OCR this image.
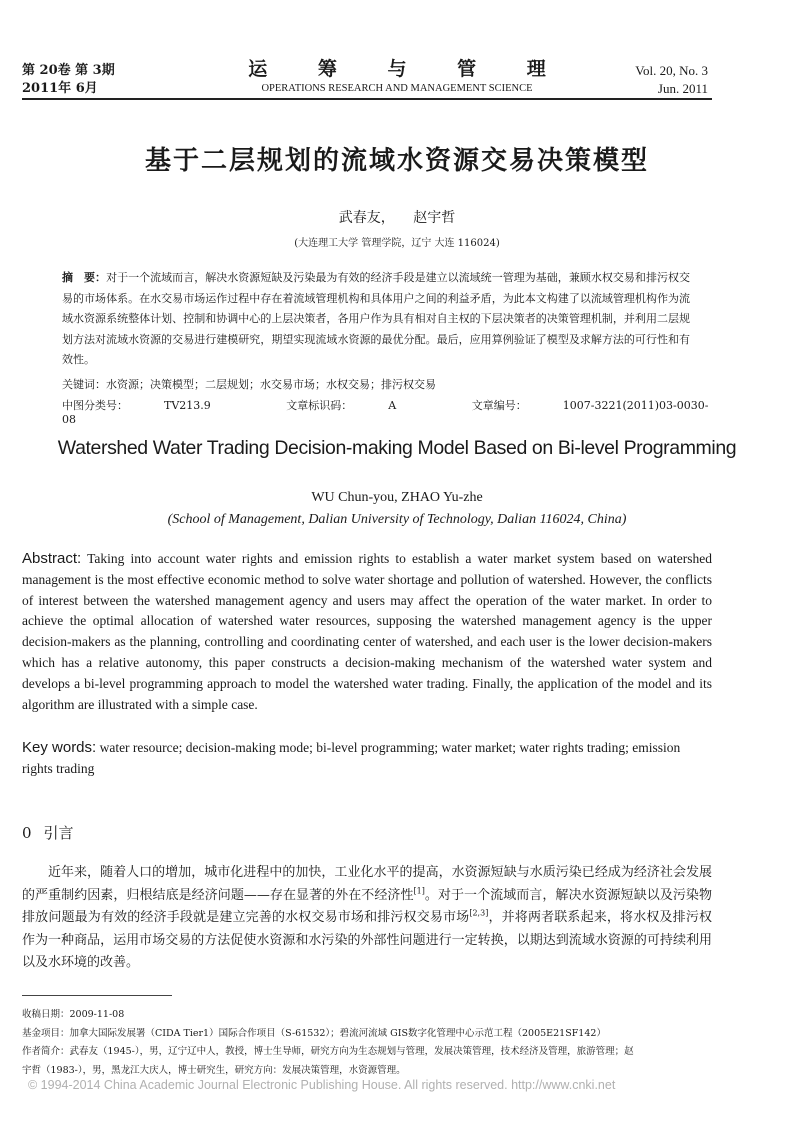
第 20卷 第 3期
2011年 6月
运 筹 与 管 理
OPERATIONS RESEARCH AND MANAGEMENT SCIENCE
Vol. 20, No. 3
Jun. 2011
基于二层规划的流域水资源交易决策模型
武春友， 赵宇哲
(大连理工大学 管理学院，辽宁 大连 116024)
摘　要：对于一个流域而言，解决水资源短缺及污染最为有效的经济手段是建立以流域统一管理为基础，兼顾水权交易和排污权交易的市场体系。在水交易市场运作过程中存在着流域管理机构和具体用户之间的利益矛盾，为此本文构建了以流域管理机构作为流域水资源系统整体计划、控制和协调中心的上层决策者，各用户作为具有相对自主权的下层决策者的决策管理机制，并利用二层规划方法对流域水资源的交易进行建模研究，期望实现流域水资源的最优分配。最后，应用算例验证了模型及求解方法的可行性和有效性。
关键词：水资源；决策模型；二层规划；水交易市场；水权交易；排污权交易
中图分类号：	TV213.9	文章标识码：	A	文章编号：	1007-3221(2011)03-0030-08
Watershed Water Trading Decision-making Model Based on Bi-level Programming
WU Chun-you, ZHAO Yu-zhe
(School of Management, Dalian University of Technology, Dalian 116024, China)
Abstract: Taking into account water rights and emission rights to establish a water market system based on watershed management is the most effective economic method to solve water shortage and pollution of watershed. However, the conflicts of interest between the watershed management agency and users may affect the operation of the water market. In order to achieve the optimal allocation of watershed water resources, supposing the watershed management agency is the upper decision-makers as the planning, controlling and coordinating center of watershed, and each user is the lower decision-makers which has a relative autonomy, this paper constructs a decision-making mechanism of the watershed water system and develops a bi-level programming approach to model the watershed water trading. Finally, the application of the model and its algorithm are illustrated with a simple case.
Key words: water resource; decision-making mode; bi-level programming; water market; water rights trading; emission rights trading
0 引言
近年来，随着人口的增加，城市化进程中的加快，工业化水平的提高，水资源短缺与水质污染已经成为经济社会发展的严重制约因素，归根结底是经济问题——存在显著的外在不经济性[1]。对于一个流域而言，解决水资源短缺以及污染物排放问题最为有效的经济手段就是建立完善的水权交易市场和排污权交易市场[2,3]，并将两者联系起来，将水权及排污权作为一种商品，运用市场交易的方法促使水资源和水污染的外部性问题进行一定转换，以期达到流域水资源的可持续利用以及水环境的改善。
收稿日期：2009-11-08
基金项目：加拿大国际发展署（CIDA Tier1）国际合作项目（S-61532）；碧流河流域 GIS数字化管理中心示范工程（2005E21SF142）
作者简介：武春友（1945-），男，辽宁辽中人，教授，博士生导师，研究方向为生态规划与管理，发展决策管理，技术经济及管理，旅游管理；赵
宇哲（1983-），男，黑龙江大庆人，博士研究生，研究方向：发展决策管理，水资源管理。
© 1994-2014 China Academic Journal Electronic Publishing House. All rights reserved. http://www.cnki.net
